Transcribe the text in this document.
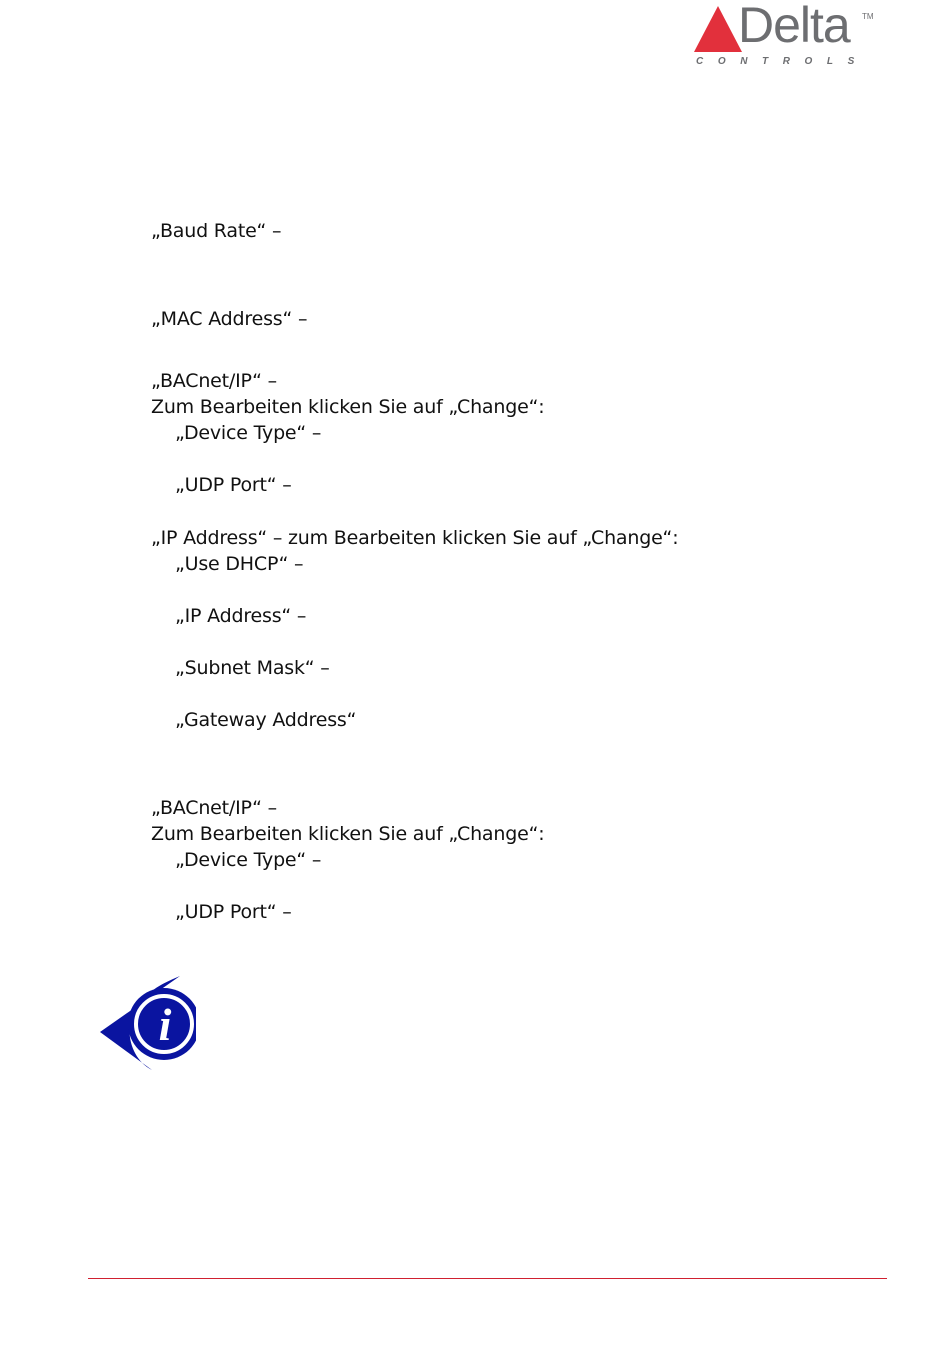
Delta TM
CONTROLS
„Baud Rate“ –
„MAC Address“ –
„BACnet/IP“ –
Zum Bearbeiten klicken Sie auf „Change“:
„Device Type“ –
„UDP Port“ –
„IP Address“ – zum Bearbeiten klicken Sie auf „Change“:
„Use DHCP“ –
„IP Address“ –
„Subnet Mask“ –
„Gateway Address“
„BACnet/IP“ –
Zum Bearbeiten klicken Sie auf „Change“:
„Device Type“ –
„UDP Port“ –
i
